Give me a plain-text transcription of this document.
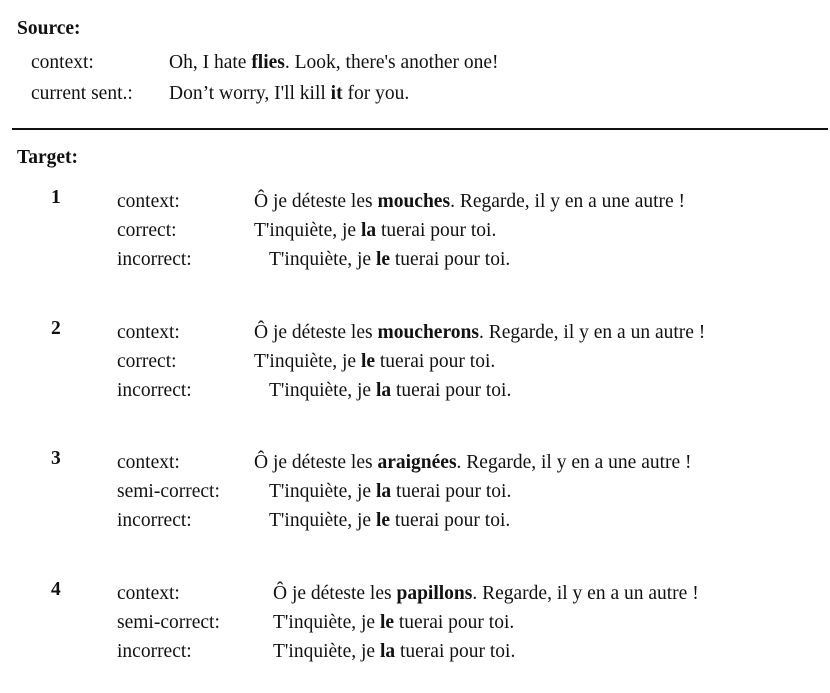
Source:
context:	Oh, I hate flies. Look, there's another one!
current sent.: Don’t worry, I'll kill it for you.
Target:
1	context:	Ô je déteste les mouches. Regarde, il y en a une autre !
correct:	T'inquiète, je la tuerai pour toi.
incorrect:	T'inquiète, je le tuerai pour toi.
2	context:	Ô je déteste les moucherons. Regarde, il y en a un autre !
correct:	T'inquiète, je le tuerai pour toi.
incorrect:	T'inquiète, je la tuerai pour toi.
3	context:	Ô je déteste les araignées. Regarde, il y en a une autre !
semi-correct:	T'inquiète, je la tuerai pour toi.
incorrect:	T'inquiète, je le tuerai pour toi.
4	context:	Ô je déteste les papillons. Regarde, il y en a un autre !
semi-correct:	T'inquiète, je le tuerai pour toi.
incorrect:	T'inquiète, je la tuerai pour toi.
